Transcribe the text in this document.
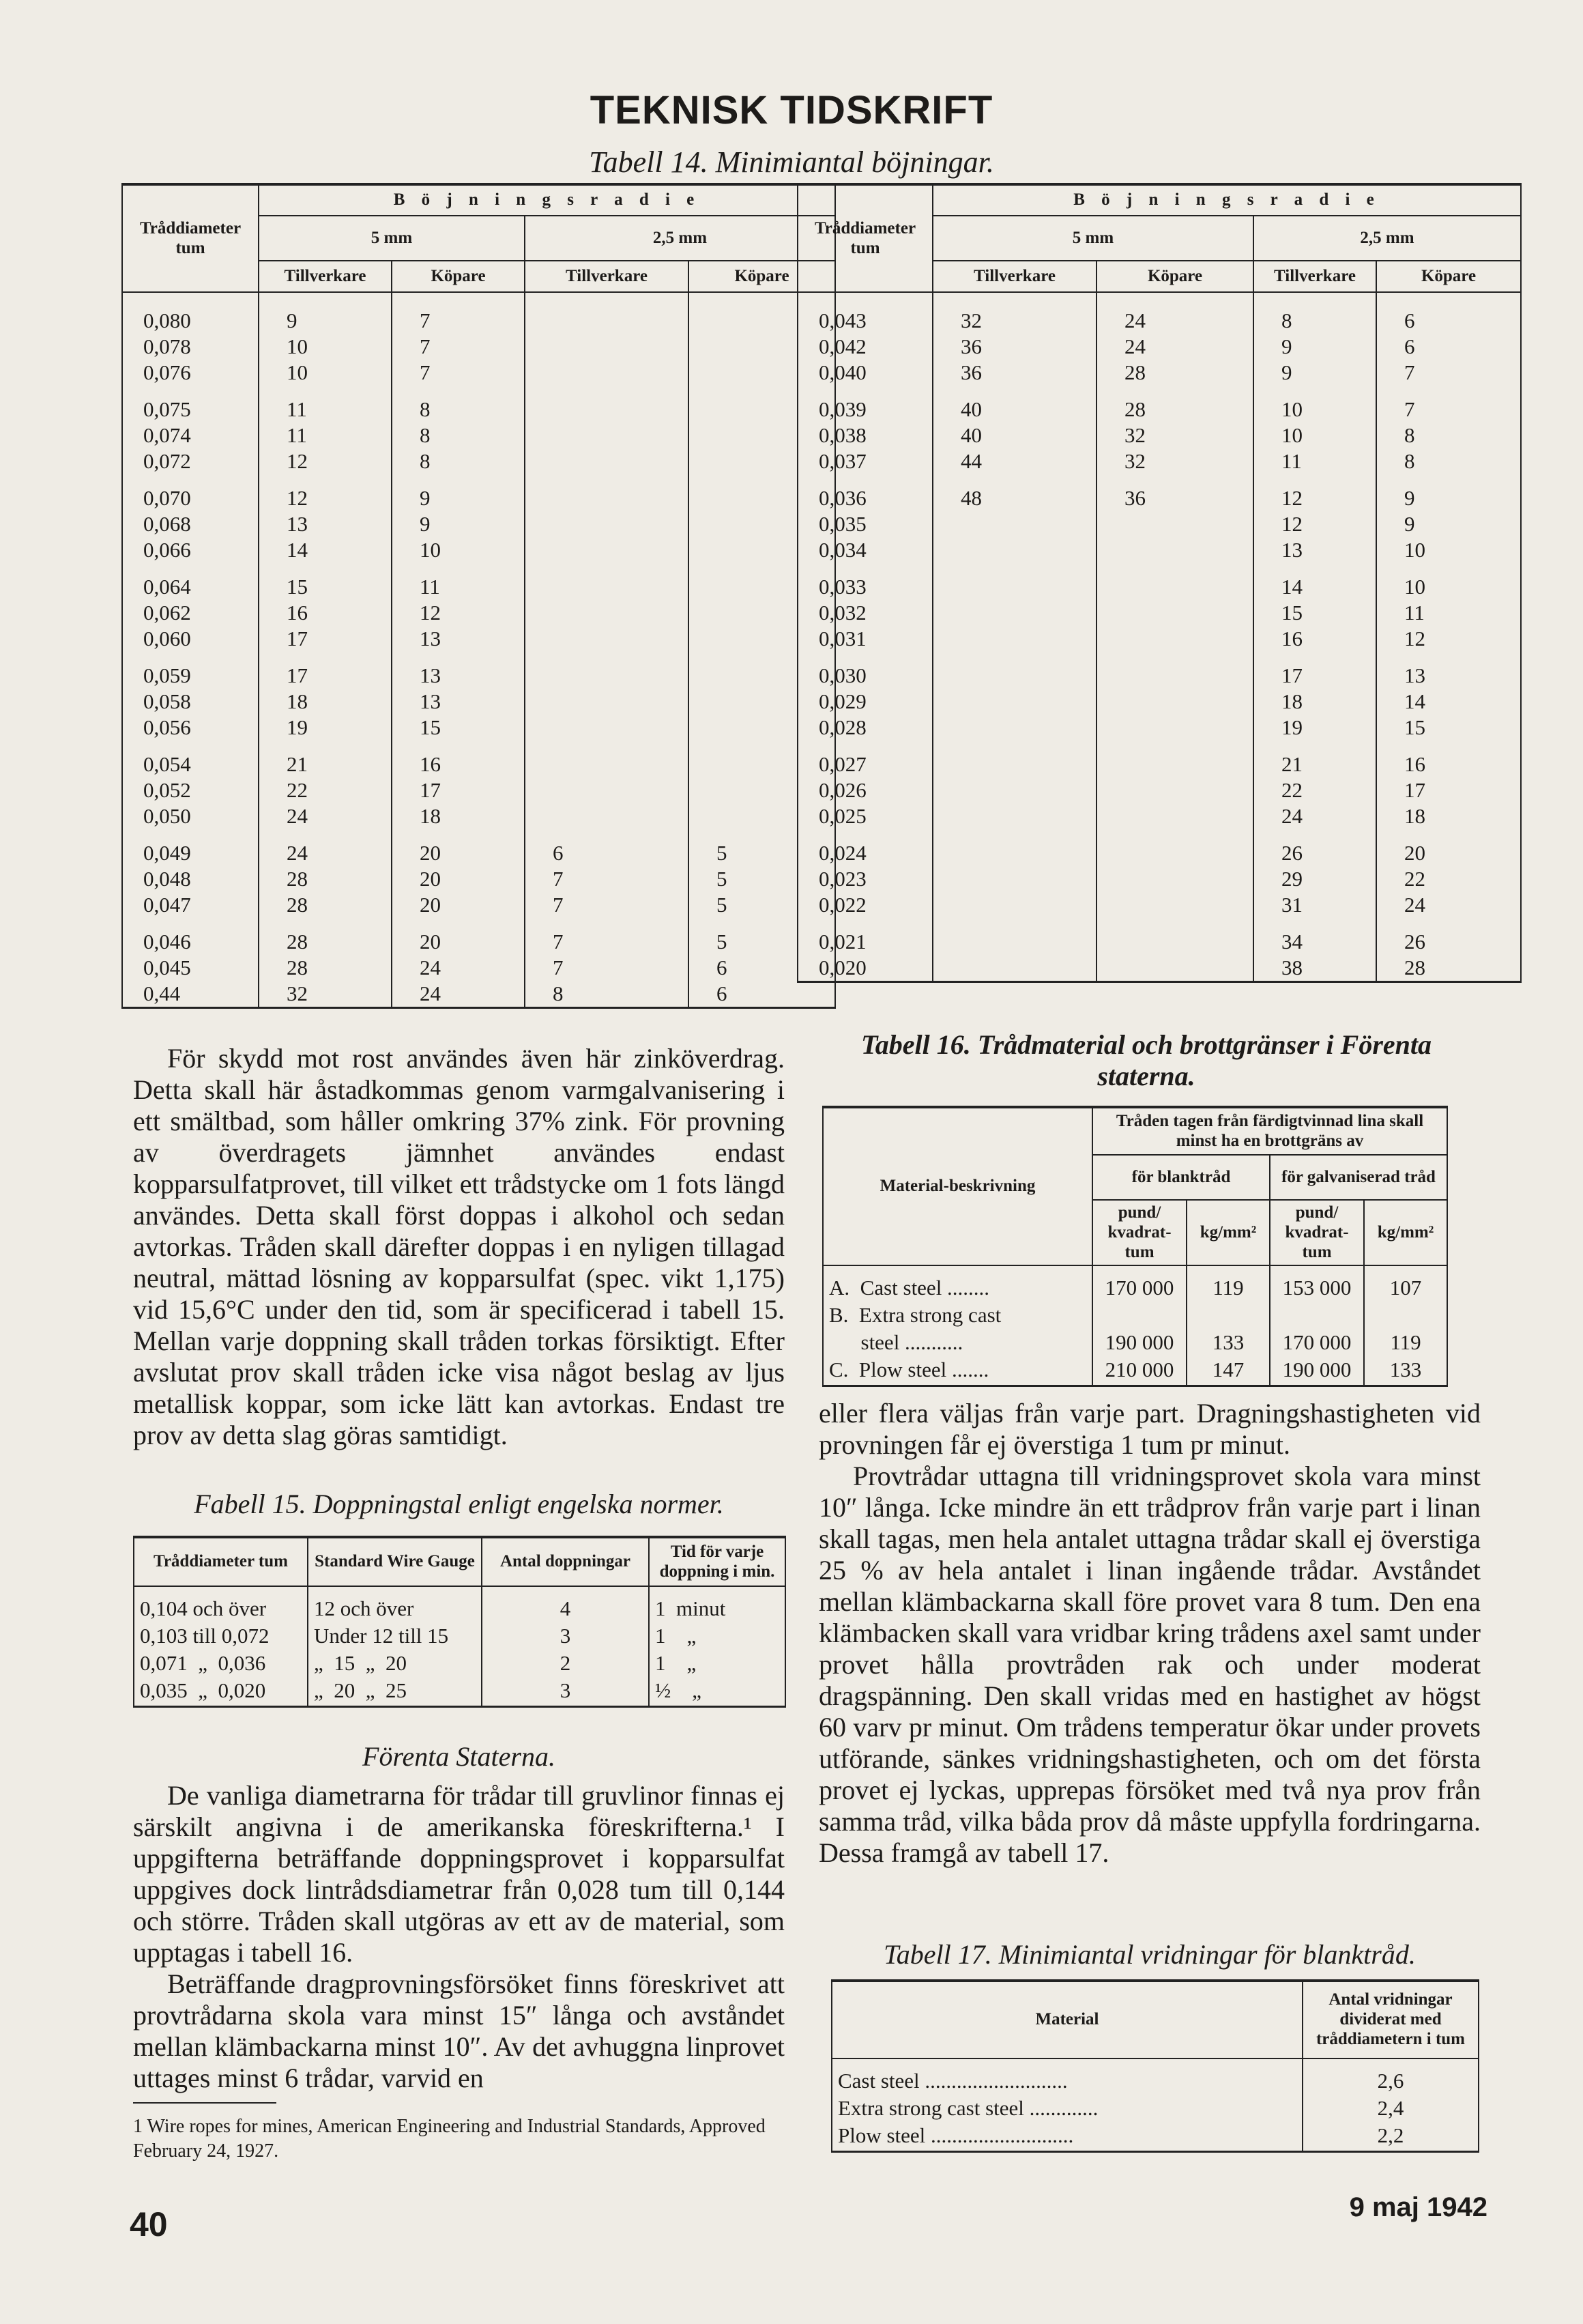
TEKNISK TIDSKRIFT
Tabell 14. Minimiantal böjningar.
Tråddiameter tum	B ö j n i n g s r a d i e			
	5 mm		2,5 mm	
	Tillverkare	Köpare	Tillverkare	Köpare
0,080	9	7		
0,078	10	7		
0,076	10	7		
0,075	11	8		
0,074	11	8		
0,072	12	8		
0,070	12	9		
0,068	13	9		
0,066	14	10		
0,064	15	11		
0,062	16	12		
0,060	17	13		
0,059	17	13		
0,058	18	13		
0,056	19	15		
0,054	21	16		
0,052	22	17		
0,050	24	18		
0,049	24	20	6	5
0,048	28	20	7	5
0,047	28	20	7	5
0,046	28	20	7	5
0,045	28	24	7	6
0,44	32	24	8	6
Tråddiameter tum	B ö j n i n g s r a d i e			
	5 mm		2,5 mm	
	Tillverkare	Köpare	Tillverkare	Köpare
0,043	32	24	8	6
0,042	36	24	9	6
0,040	36	28	9	7
0,039	40	28	10	7
0,038	40	32	10	8
0,037	44	32	11	8
0,036	48	36	12	9
0,035			12	9
0,034			13	10
0,033			14	10
0,032			15	11
0,031			16	12
0,030			17	13
0,029			18	14
0,028			19	15
0,027			21	16
0,026			22	17
0,025			24	18
0,024			26	20
0,023			29	22
0,022			31	24
0,021			34	26
0,020			38	28

För skydd mot rost användes även här zinköverdrag. Detta skall här åstadkommas genom varmgalvanisering i ett smältbad, som håller omkring 37% zink. För provning av överdragets jämnhet användes endast kopparsulfatprovet, till vilket ett trådstycke om 1 fots längd användes. Detta skall först doppas i alkohol och sedan avtorkas. Tråden skall därefter doppas i en nyligen tillagad neutral, mättad lösning av kopparsulfat (spec. vikt 1,175) vid 15,6°C under den tid, som är specificerad i tabell 15. Mellan varje doppning skall tråden torkas försiktigt. Efter avslutat prov skall tråden icke visa något beslag av ljus metallisk koppar, som icke lätt kan avtorkas. Endast tre prov av detta slag göras samtidigt.

Fabell 15. Doppningstal enligt engelska normer.
Tråddiameter tum	Standard Wire Gauge	Antal doppningar	Tid för varje doppning i min.
0,104 och över	12 och över	4	1  minut
0,103 till 0,072	Under 12 till 15	3	1    „
0,071  „  0,036	„  15  „  20	2	1    „
0,035  „  0,020	„  20  „  25	3	½    „
Förenta Staterna.

De vanliga diametrarna för trådar till gruvlinor finnas ej särskilt angivna i de amerikanska föreskrifterna.¹ I uppgifterna beträffande doppningsprovet i kopparsulfat uppgives dock lintrådsdiametrar från 0,028 tum till 0,144 och större. Tråden skall utgöras av ett av de material, som upptagas i tabell 16.

Beträffande dragprovningsförsöket finns föreskrivet att provtrådarna skola vara minst 15″ långa och avståndet mellan klämbackarna minst 10″. Av det avhuggna linprovet uttages minst 6 trådar, varvid en

1 Wire ropes for mines, American Engineering and Industrial Standards, Approved February 24, 1927.
Tabell 16. Trådmaterial och brottgränser i Förenta staterna.
Material-beskrivning	Tråden tagen från färdigtvinnad lina skall minst ha en brottgräns av			
	för blanktråd		för galvaniserad tråd	
	pund/ kvadrat-tum	kg/mm²	pund/ kvadrat-tum	kg/mm²
A.  Cast steel ........	170 000	119	153 000	107
B.  Extra strong cast				
steel ...........	190 000	133	170 000	119
C.  Plow steel .......	210 000	147	190 000	133

eller flera väljas från varje part. Dragningshastigheten vid provningen får ej överstiga 1 tum pr minut.

Provtrådar uttagna till vridningsprovet skola vara minst 10″ långa. Icke mindre än ett trådprov från varje part i linan skall tagas, men hela antalet uttagna trådar skall ej överstiga 25 % av hela antalet i linan ingående trådar. Avståndet mellan klämbackarna skall före provet vara 8 tum. Den ena klämbacken skall vara vridbar kring trådens axel samt under provet hålla provtråden rak och under moderat dragspänning. Den skall vridas med en hastighet av högst 60 varv pr minut. Om trådens temperatur ökar under provets utförande, sänkes vridningshastigheten, och om det första provet ej lyckas, upprepas försöket med två nya prov från samma tråd, vilka båda prov då måste uppfylla fordringarna. Dessa framgå av tabell 17.

Tabell 17. Minimiantal vridningar för blanktråd.
Material	Antal vridningar dividerat med tråddiametern i tum
Cast steel ...........................	2,6
Extra strong cast steel .............	2,4
Plow steel ...........................	2,2
40	9 maj 1942
